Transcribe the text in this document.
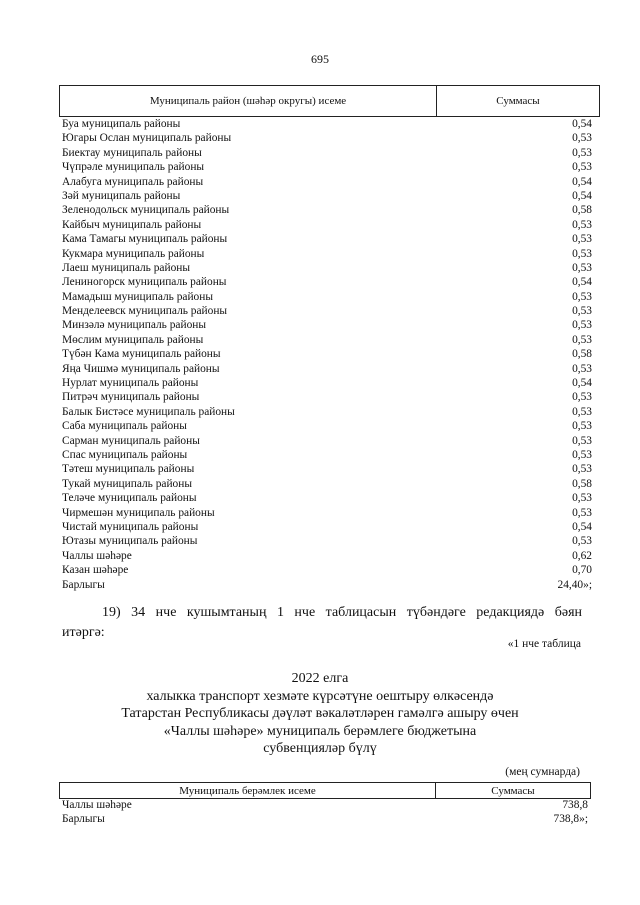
695
Муниципаль район (шәһәр округы) исеме	Суммасы
Буа муниципаль районы	0,54
Югары Ослан муниципаль районы	0,53
Биектау муниципаль районы	0,53
Чүпрәле муниципаль районы	0,53
Алабуга муниципаль районы	0,54
Зәй муниципаль районы	0,54
Зеленодольск муниципаль районы	0,58
Кайбыч муниципаль районы	0,53
Кама Тамагы муниципаль районы	0,53
Кукмара муниципаль районы	0,53
Лаеш муниципаль районы	0,53
Лениногорск муниципаль районы	0,54
Мамадыш муниципаль районы	0,53
Менделеевск муниципаль районы	0,53
Минзәлә муниципаль районы	0,53
Мөслим муниципаль районы	0,53
Түбән Кама муниципаль районы	0,58
Яңа Чишмә муниципаль районы	0,53
Нурлат муниципаль районы	0,54
Питрәч муниципаль районы	0,53
Балык Бистәсе муниципаль районы	0,53
Саба муниципаль районы	0,53
Сарман муниципаль районы	0,53
Спас муниципаль районы	0,53
Тәтеш муниципаль районы	0,53
Тукай муниципаль районы	0,58
Теләче муниципаль районы	0,53
Чирмешән муниципаль районы	0,53
Чистай муниципаль районы	0,54
Ютазы муниципаль районы	0,53
Чаллы шәһәре	0,62
Казан шәһәре	0,70
Барлыгы	24,40»;
19) 34 нче кушымтаның 1 нче таблицасын түбәндәге редакциядә бәян
итәргә:
«1 нче таблица
2022 елга
халыкка транспорт хезмәте күрсәтүне оештыру өлкәсендә
Татарстан Республикасы дәүләт вәкаләтләрен гамәлгә ашыру өчен
«Чаллы шәһәре» муниципаль берәмлеге бюджетына
субвенцияләр бүлү
(мең сумнарда)
Муниципаль берәмлек исеме	Суммасы
Чаллы шәһәре	738,8
Барлыгы	738,8»;
